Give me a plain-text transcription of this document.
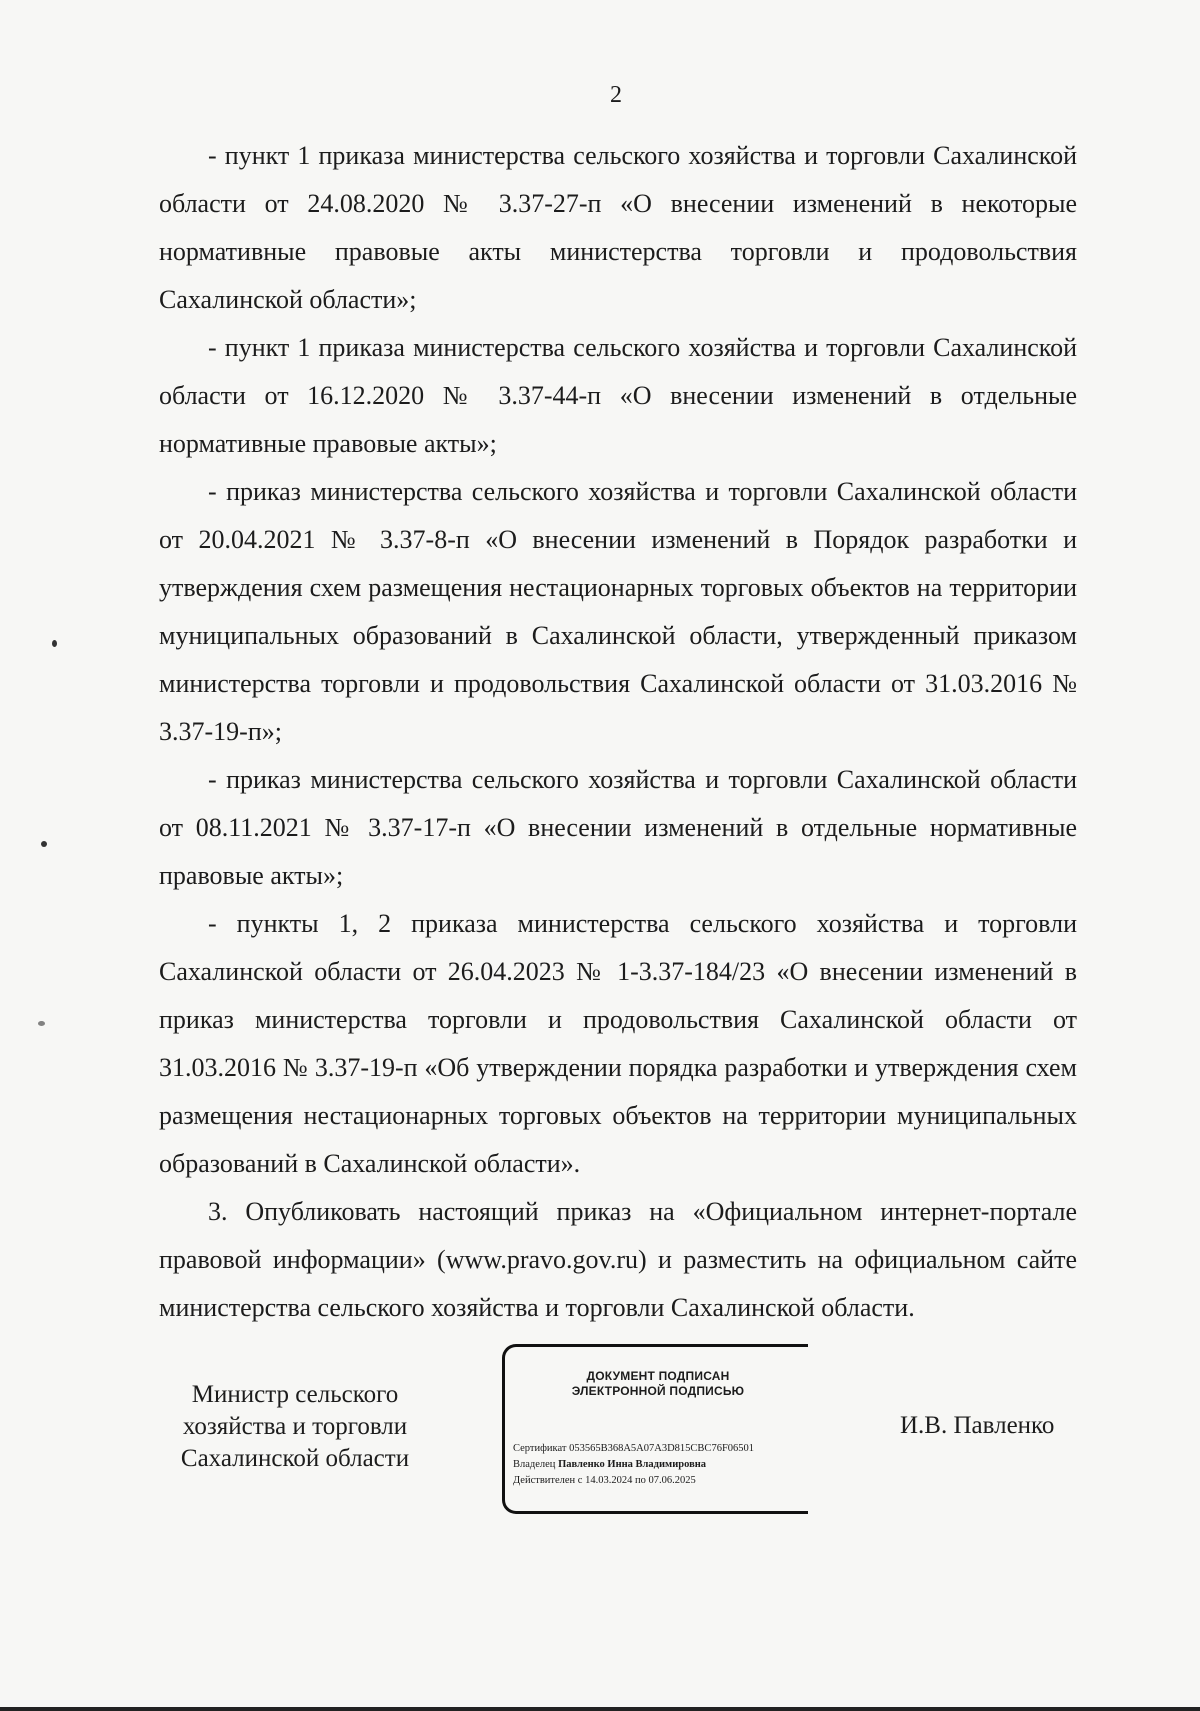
2

- пункт 1 приказа министерства сельского хозяйства и торговли Сахалинской области от 24.08.2020 № 3.37-27-п «О внесении изменений в некоторые нормативные правовые акты министерства торговли и продовольствия Сахалинской области»;

- пункт 1 приказа министерства сельского хозяйства и торговли Сахалинской области от 16.12.2020 № 3.37-44-п «О внесении изменений в отдельные нормативные правовые акты»;

- приказ министерства сельского хозяйства и торговли Сахалинской области от 20.04.2021 № 3.37-8-п «О внесении изменений в Порядок разработки и утверждения схем размещения нестационарных торговых объектов на территории муниципальных образований в Сахалинской области, утвержденный приказом министерства торговли и продовольствия Сахалинской области от 31.03.2016 № 3.37-19-п»;

- приказ министерства сельского хозяйства и торговли Сахалинской области от 08.11.2021 № 3.37-17-п «О внесении изменений в отдельные нормативные правовые акты»;

- пункты 1, 2 приказа министерства сельского хозяйства и торговли Сахалинской области от 26.04.2023 № 1-3.37-184/23 «О внесении изменений в приказ министерства торговли и продовольствия Сахалинской области от 31.03.2016 № 3.37-19-п «Об утверждении порядка разработки и утверждения схем размещения нестационарных торговых объектов на территории муниципальных образований в Сахалинской области».

3. Опубликовать настоящий приказ на «Официальном интернет-портале правовой информации» (www.pravo.gov.ru) и разместить на официальном сайте министерства сельского хозяйства и торговли Сахалинской области.

Министр сельского
хозяйства и торговли
Сахалинской области
ДОКУМЕНТ ПОДПИСАН
ЭЛЕКТРОННОЙ ПОДПИСЬЮ
Сертификат 053565B368A5A07A3D815CBC76F06501
Владелец Павленко Инна Владимировна
Действителен с 14.03.2024 по 07.06.2025
И.В. Павленко
